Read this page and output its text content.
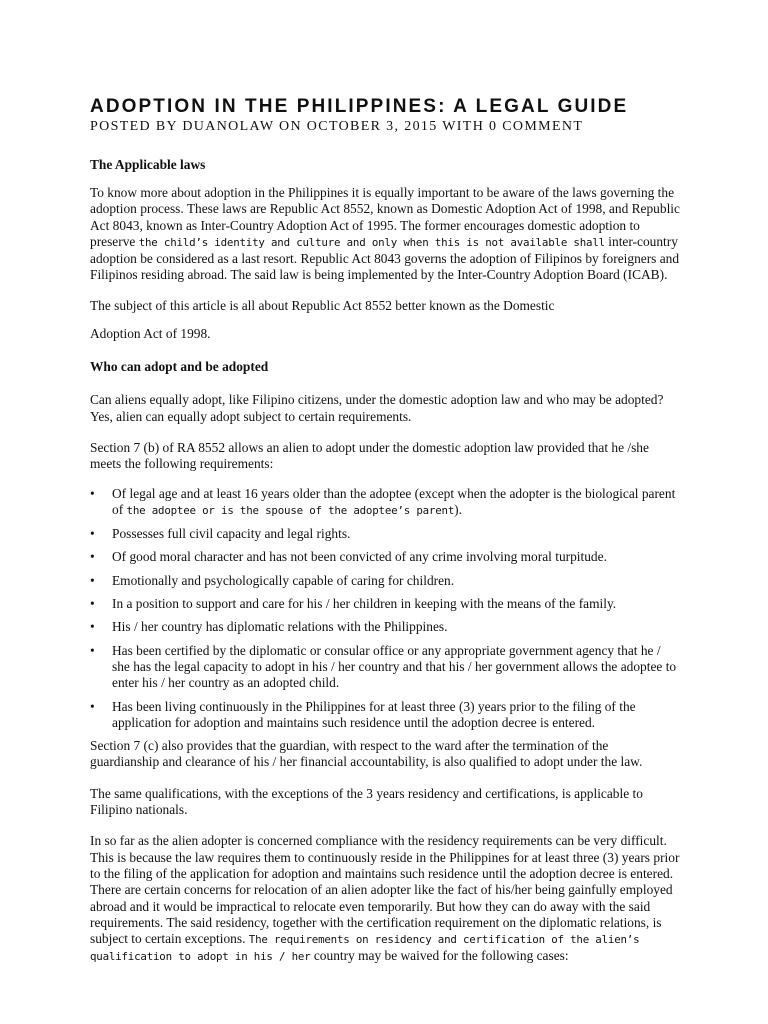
ADOPTION IN THE PHILIPPINES: A LEGAL GUIDE
POSTED BY DUANOLAW ON OCTOBER 3, 2015 WITH 0 COMMENT
The Applicable laws

To know more about adoption in the Philippines it is equally important to be aware of the laws governing the adoption process. These laws are Republic Act 8552, known as Domestic Adoption Act of 1998, and Republic Act 8043, known as Inter-Country Adoption Act of 1995. The former encourages domestic adoption to preserve the child’s identity and culture and only when this is not available shall inter-country adoption be considered as a last resort. Republic Act 8043 governs the adoption of Filipinos by foreigners and Filipinos residing abroad. The said law is being implemented by the Inter-Country Adoption Board (ICAB).

The subject of this article is all about Republic Act 8552 better known as the Domestic

Adoption Act of 1998.

Who can adopt and be adopted

Can aliens equally adopt, like Filipino citizens, under the domestic adoption law and who may be adopted? Yes, alien can equally adopt subject to certain requirements.

Section 7 (b) of RA 8552 allows an alien to adopt under the domestic adoption law provided that he /she meets the following requirements:

• Of legal age and at least 16 years older than the adoptee (except when the adopter is the biological parent of the adoptee or is the spouse of the adoptee’s parent).
• Possesses full civil capacity and legal rights.
• Of good moral character and has not been convicted of any crime involving moral turpitude.
• Emotionally and psychologically capable of caring for children.
• In a position to support and care for his / her children in keeping with the means of the family.
• His / her country has diplomatic relations with the Philippines.
• Has been certified by the diplomatic or consular office or any appropriate government agency that he / she has the legal capacity to adopt in his / her country and that his / her government allows the adoptee to enter his / her country as an adopted child.
• Has been living continuously in the Philippines for at least three (3) years prior to the filing of the application for adoption and maintains such residence until the adoption decree is entered.

Section 7 (c) also provides that the guardian, with respect to the ward after the termination of the guardianship and clearance of his / her financial accountability, is also qualified to adopt under the law.

The same qualifications, with the exceptions of the 3 years residency and certifications, is applicable to Filipino nationals.

In so far as the alien adopter is concerned compliance with the residency requirements can be very difficult. This is because the law requires them to continuously reside in the Philippines for at least three (3) years prior to the filing of the application for adoption and maintains such residence until the adoption decree is entered. There are certain concerns for relocation of an alien adopter like the fact of his/her being gainfully employed abroad and it would be impractical to relocate even temporarily. But how they can do away with the said requirements. The said residency, together with the certification requirement on the diplomatic relations, is subject to certain exceptions. The requirements on residency and certification of the alien’s qualification to adopt in his / her country may be waived for the following cases:
